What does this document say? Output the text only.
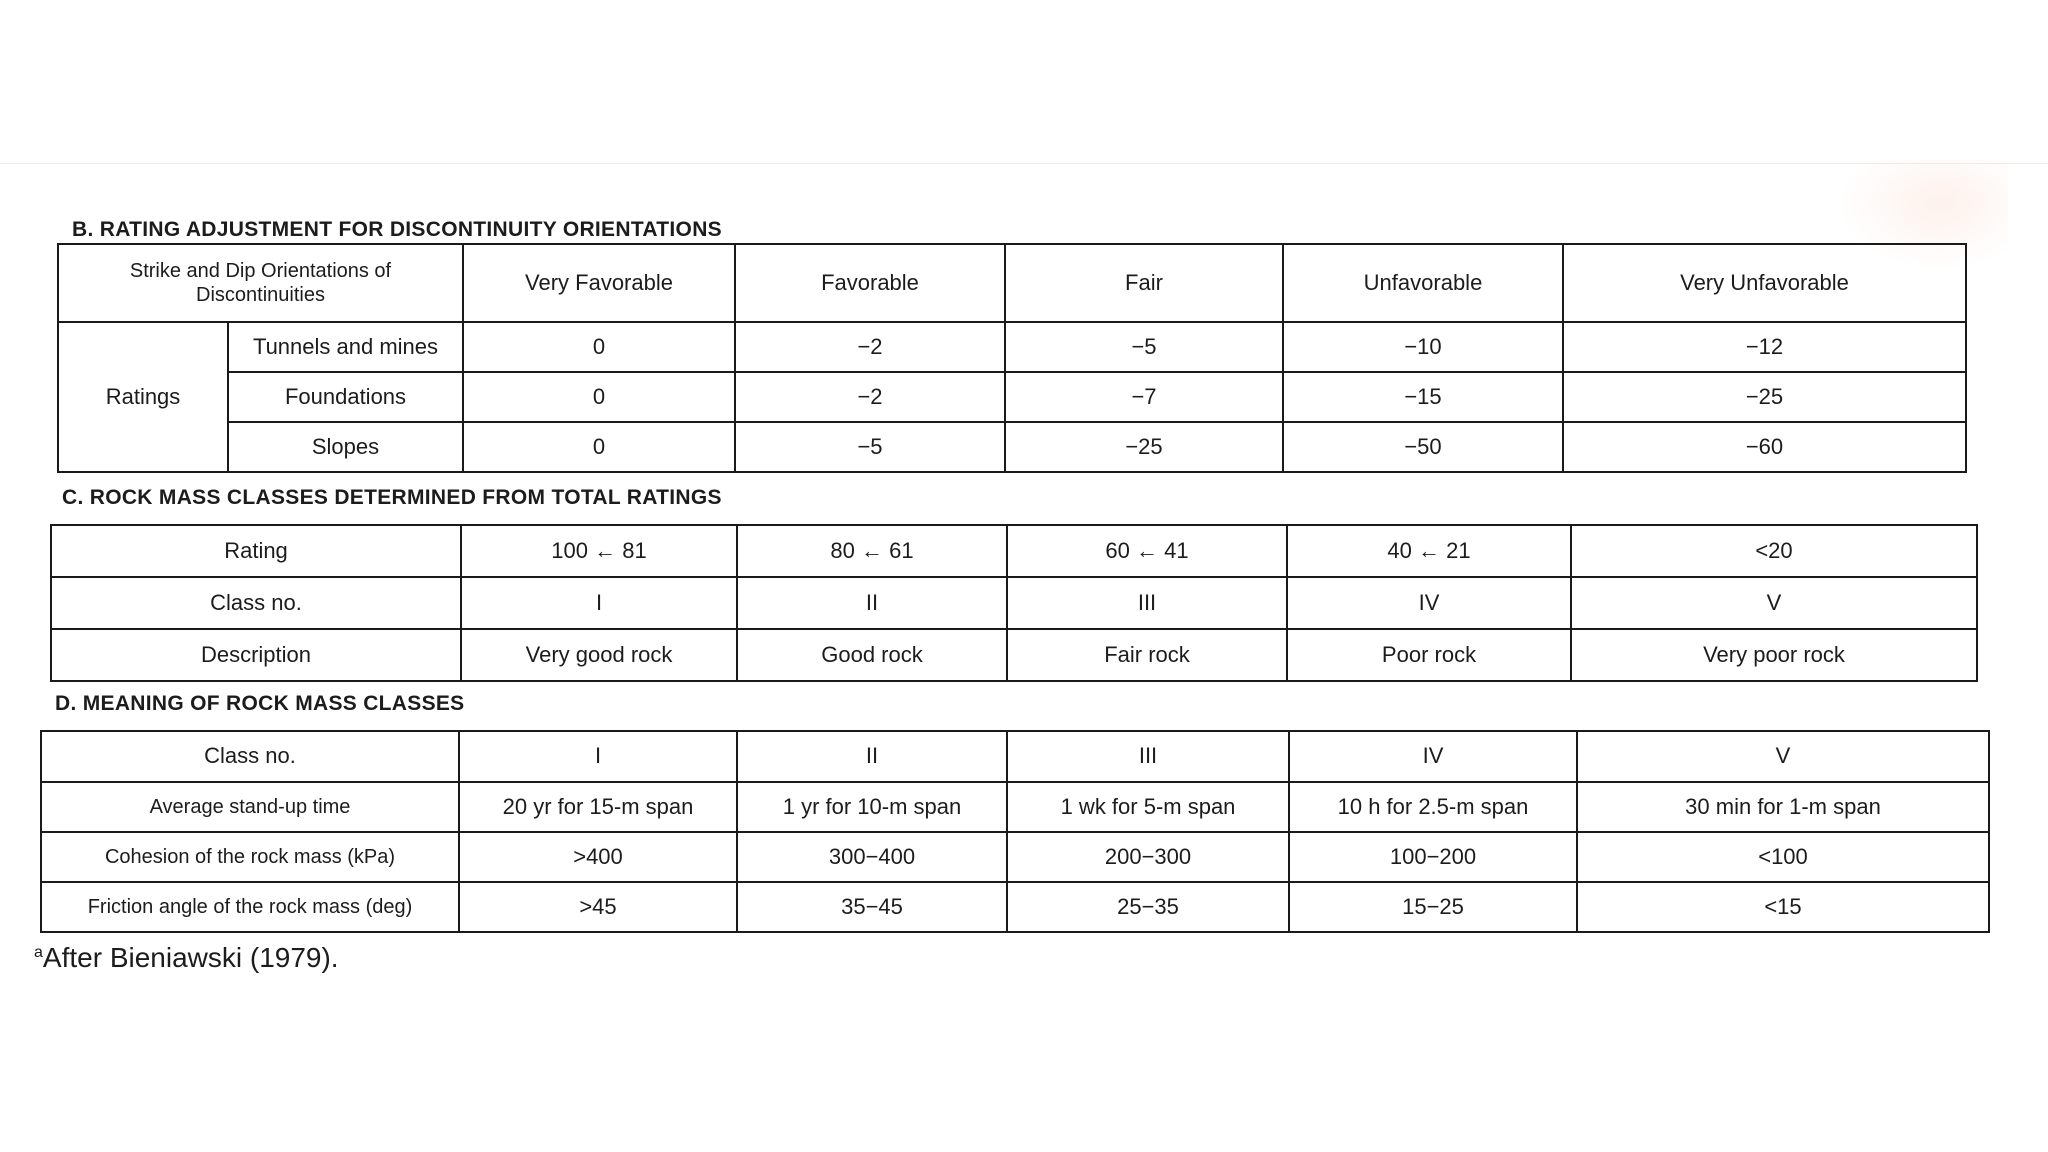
B. RATING ADJUSTMENT FOR DISCONTINUITY ORIENTATIONS
Strike and Dip Orientations of Discontinuities		Very Favorable	Favorable	Fair	Unfavorable	Very Unfavorable
Ratings	Tunnels and mines	0	−2	−5	−10	−12
	Foundations	0	−2	−7	−15	−25
	Slopes	0	−5	−25	−50	−60
C. ROCK MASS CLASSES DETERMINED FROM TOTAL RATINGS
Rating	100 ← 81	80 ← 61	60 ← 41	40 ← 21	<20
Class no.	I	II	III	IV	V
Description	Very good rock	Good rock	Fair rock	Poor rock	Very poor rock
D. MEANING OF ROCK MASS CLASSES
Class no.	I	II	III	IV	V
Average stand-up time	20 yr for 15-m span	1 yr for 10-m span	1 wk for 5-m span	10 h for 2.5-m span	30 min for 1-m span
Cohesion of the rock mass (kPa)	>400	300−400	200−300	100−200	<100
Friction angle of the rock mass (deg)	>45	35−45	25−35	15−25	<15
$^a$After Bieniawski (1979).
